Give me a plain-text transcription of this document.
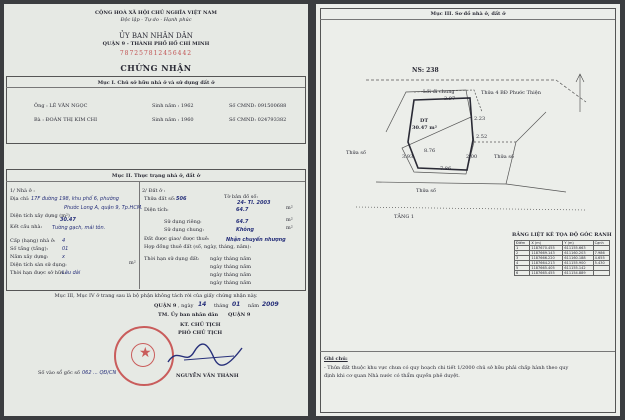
CỘNG HOÀ XÃ HỘI CHỦ NGHĨA VIỆT NAM
Độc lập - Tự do - Hạnh phúc
ỦY BAN NHÂN DÂN
QUẬN 9 - THÀNH PHỐ HỒ CHÍ MINH
787257812456442
CHỨNG NHẬN
Mục I. Chủ sở hữu nhà ở và sử dụng đất ở
Ông : LÊ VĂN NGỌC	Sinh năm : 1962	Số CMND: 091500688
Bà : ĐOÀN THỊ KIM CHI	Sinh năm : 1960	Số CMND: 024793382
Mục II. Thực trạng nhà ở, đất ở
1/ Nhà ở :
Địa chỉ: 17F đường 198, khu phố 6, phường
Phước Long A, quận 9, Tp.HCM.
Diện tích xây dựng (m²)
30.47
Kết cấu nhà: Tường gạch, mái tôn.
Cấp (hạng) nhà ở: 4
Số tầng (tầng):	01
Năm xây dựng:	x
Diện tích sàn sử dụng:	m²
Thời hạn được sở hữu:
Lâu dài
2/ Đất ở :
Thửa đất số: 506	Tờ bản đồ số:
24- Tl. 2003
Diện tích:	64.7	m²
Sử dụng riêng:	64.7	m²
Sử dụng chung:	Không	m²
Đất được giao/ được thuê:	Nhận chuyển nhượng
Hợp đồng thuê đất (số, ngày, tháng, năm):
Thời hạn sử dụng đất: ngày tháng năm
ngày tháng năm
ngày tháng năm
ngày tháng năm
Mục III, Mục IV ở trang sau là bộ phận không tách rời của giấy chứng nhận này.
QUẬN 9 , ngày 14 tháng 01 năm 2009
TM. Ủy ban nhân dân QUẬN 9
KT. CHỦ TỊCH
PHÓ CHỦ TỊCH
★
NGUYỄN VĂN THÀNH
Số vào sổ gốc số 062 ... QĐ/CN
Mục III. Sơ đồ nhà ở, đất ở
NS: 238
Lối đi chung	Thửa 4 BĐ Phước Thiện
Thửa số
Thửa số
Thửa số
DT
30.47 m²
3.97
2.23
2.52
8.76
3.93	2.00
7.86
TẦNG 1
BẢNG LIỆT KÊ TỌA ĐỘ GÓC RANH
Điểm	X (m)	Y (m)	Cạnh
1	1187670.455	611155.663	
2	1187669.143	611160.203	7.986
3	1187666.220	611160.188	4.655
4	1187664.213	611155.900	5.430
5	1187665.405	611155.142	
6	1187665.455	611154.889	
Ghi chú:
- Thửa đất thuộc khu vực chưa có quy hoạch chi tiết 1/2000 chủ sở hữu phải chấp hành theo quy
định khi cơ quan Nhà nước có thẩm quyền phê duyệt.
